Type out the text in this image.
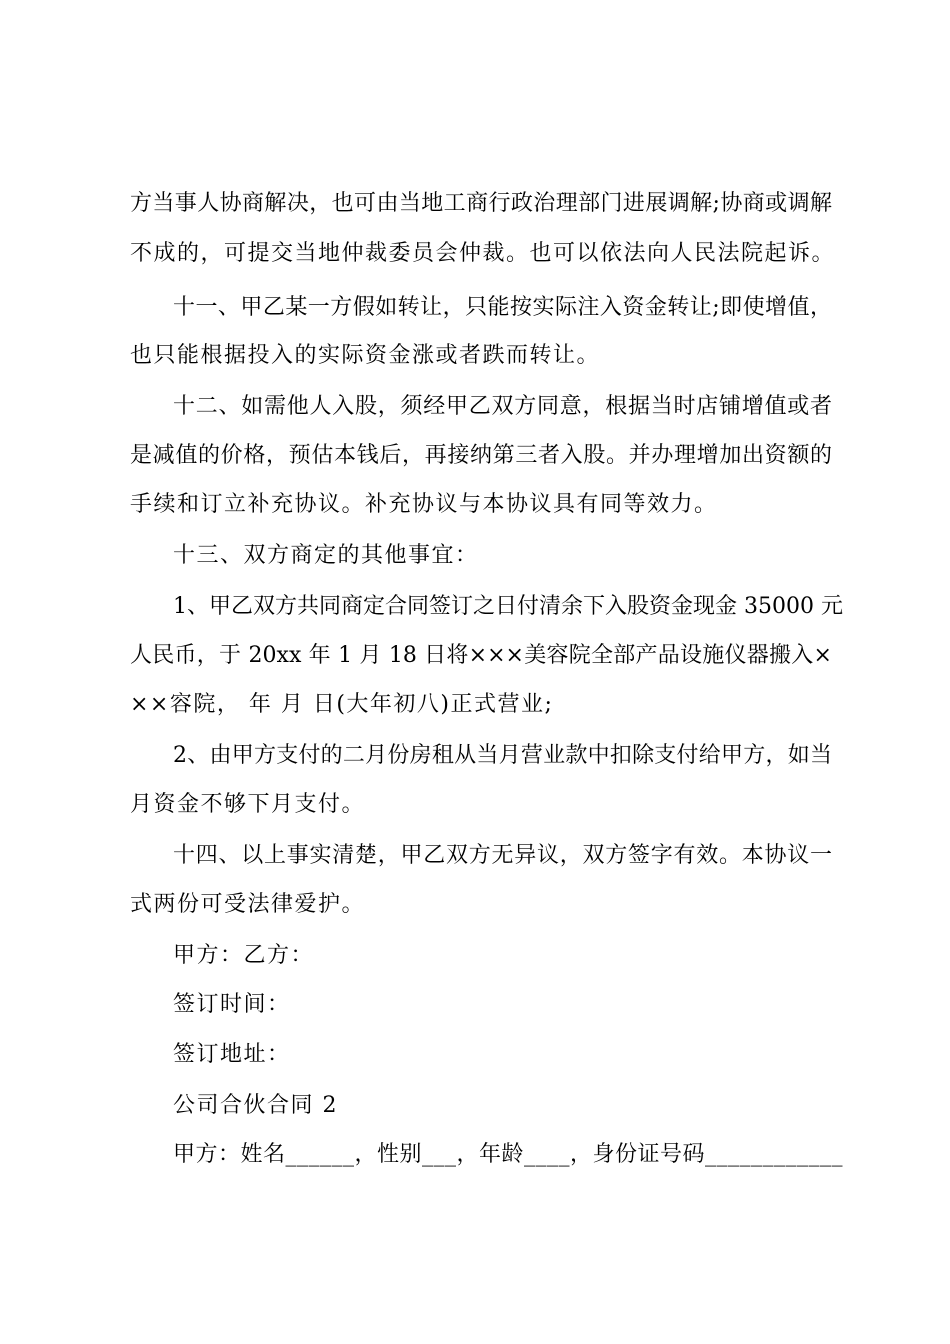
方当事人协商解决，也可由当地工商行政治理部门进展调解;协商或调解
不成的，可提交当地仲裁委员会仲裁。也可以依法向人民法院起诉。
十一、甲乙某一方假如转让，只能按实际注入资金转让;即使增值，
也只能根据投入的实际资金涨或者跌而转让。
十二、如需他人入股，须经甲乙双方同意，根据当时店铺增值或者
是减值的价格，预估本钱后，再接纳第三者入股。并办理增加出资额的
手续和订立补充协议。补充协议与本协议具有同等效力。
十三、双方商定的其他事宜：
1、甲乙双方共同商定合同签订之日付清余下入股资金现金 35000 元
人民币，于 20xx 年 1 月 18 日将×××美容院全部产品设施仪器搬入×
××容院， 年 月 日(大年初八)正式营业;
2、由甲方支付的二月份房租从当月营业款中扣除支付给甲方，如当
月资金不够下月支付。
十四、以上事实清楚，甲乙双方无异议，双方签字有效。本协议一
式两份可受法律爱护。
甲方：乙方：
签订时间：
签订地址：
公司合伙合同 2
甲方：姓名______，性别___，年龄____，身份证号码____________
